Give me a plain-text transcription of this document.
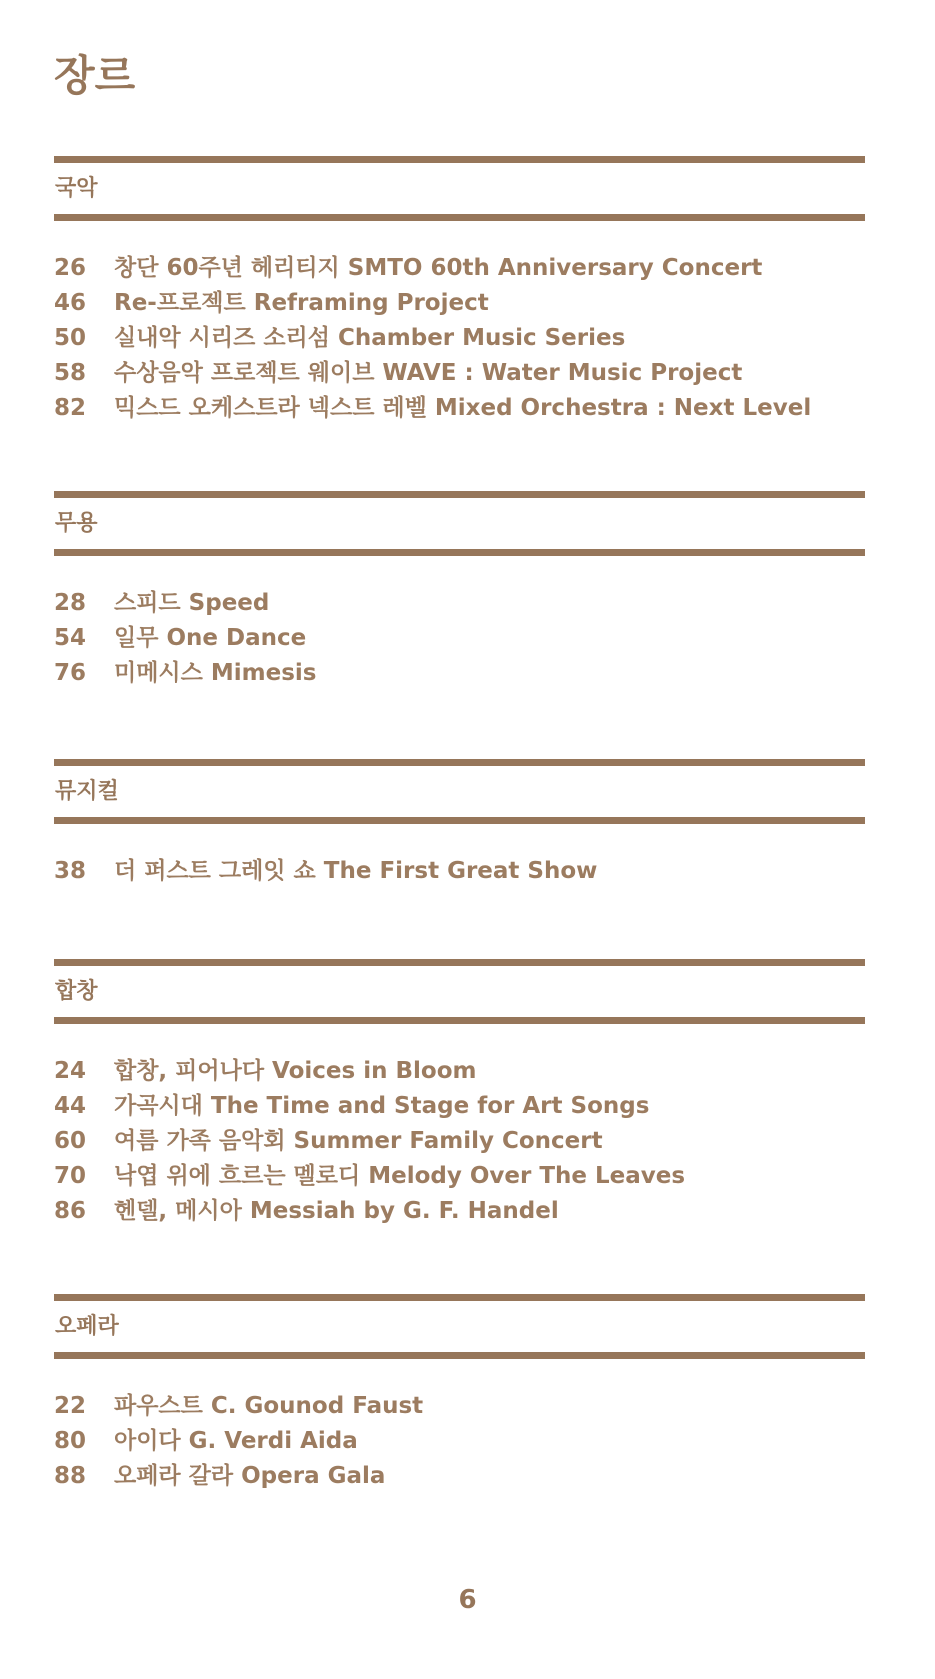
장르
국악
26	창단 60주년 헤리티지 SMTO 60th Anniversary Concert
46	Re-프로젝트 Reframing Project
50	실내악 시리즈 소리섬 Chamber Music Series
58	수상음악 프로젝트 웨이브 WAVE : Water Music Project
82	믹스드 오케스트라 넥스트 레벨 Mixed Orchestra : Next Level
무용
28	스피드 Speed
54	일무 One Dance
76	미메시스 Mimesis
뮤지컬
38	더 퍼스트 그레잇 쇼 The First Great Show
합창
24	합창, 피어나다 Voices in Bloom
44	가곡시대 The Time and Stage for Art Songs
60	여름 가족 음악회 Summer Family Concert
70	낙엽 위에 흐르는 멜로디 Melody Over The Leaves
86	헨델, 메시아 Messiah by G. F. Handel
오페라
22	파우스트 C. Gounod Faust
80	아이다 G. Verdi Aida
88	오페라 갈라 Opera Gala
6
